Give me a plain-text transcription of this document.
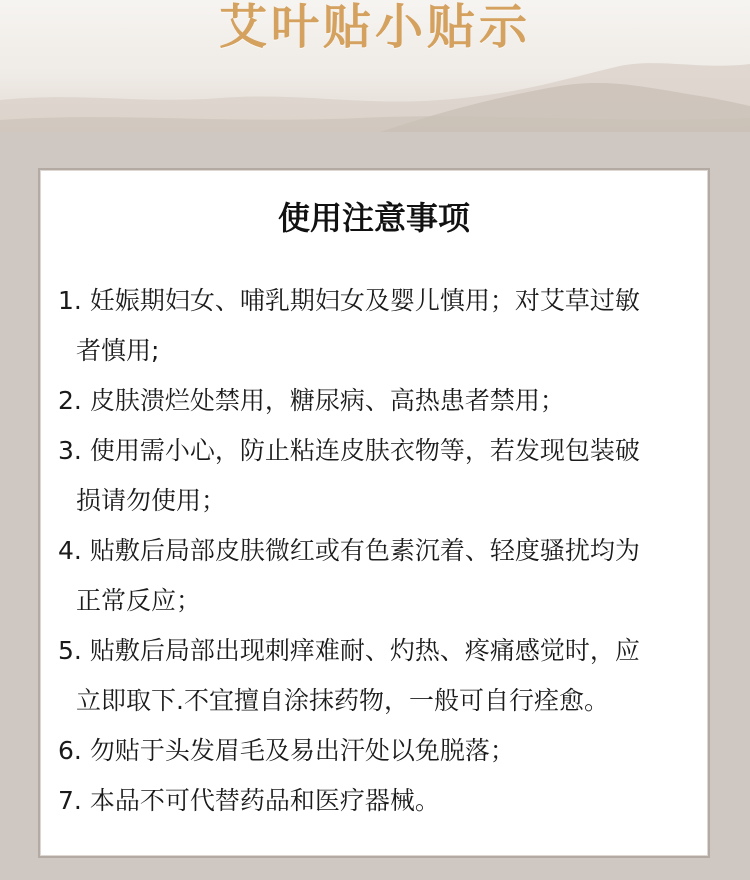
艾叶贴小贴示
使用注意事项
1. 妊娠期妇女、哺乳期妇女及婴儿慎用；对艾草过敏
者慎用;
2. 皮肤溃烂处禁用，糖尿病、高热患者禁用；
3. 使用需小心，防止粘连皮肤衣物等，若发现包装破
损请勿使用；
4. 贴敷后局部皮肤微红或有色素沉着、轻度骚扰均为
正常反应；
5. 贴敷后局部出现刺痒难耐、灼热、疼痛感觉时，应
立即取下.不宜擅自涂抹药物，一般可自行痊愈。
6. 勿贴于头发眉毛及易出汗处以免脱落；
7. 本品不可代替药品和医疗器械。
